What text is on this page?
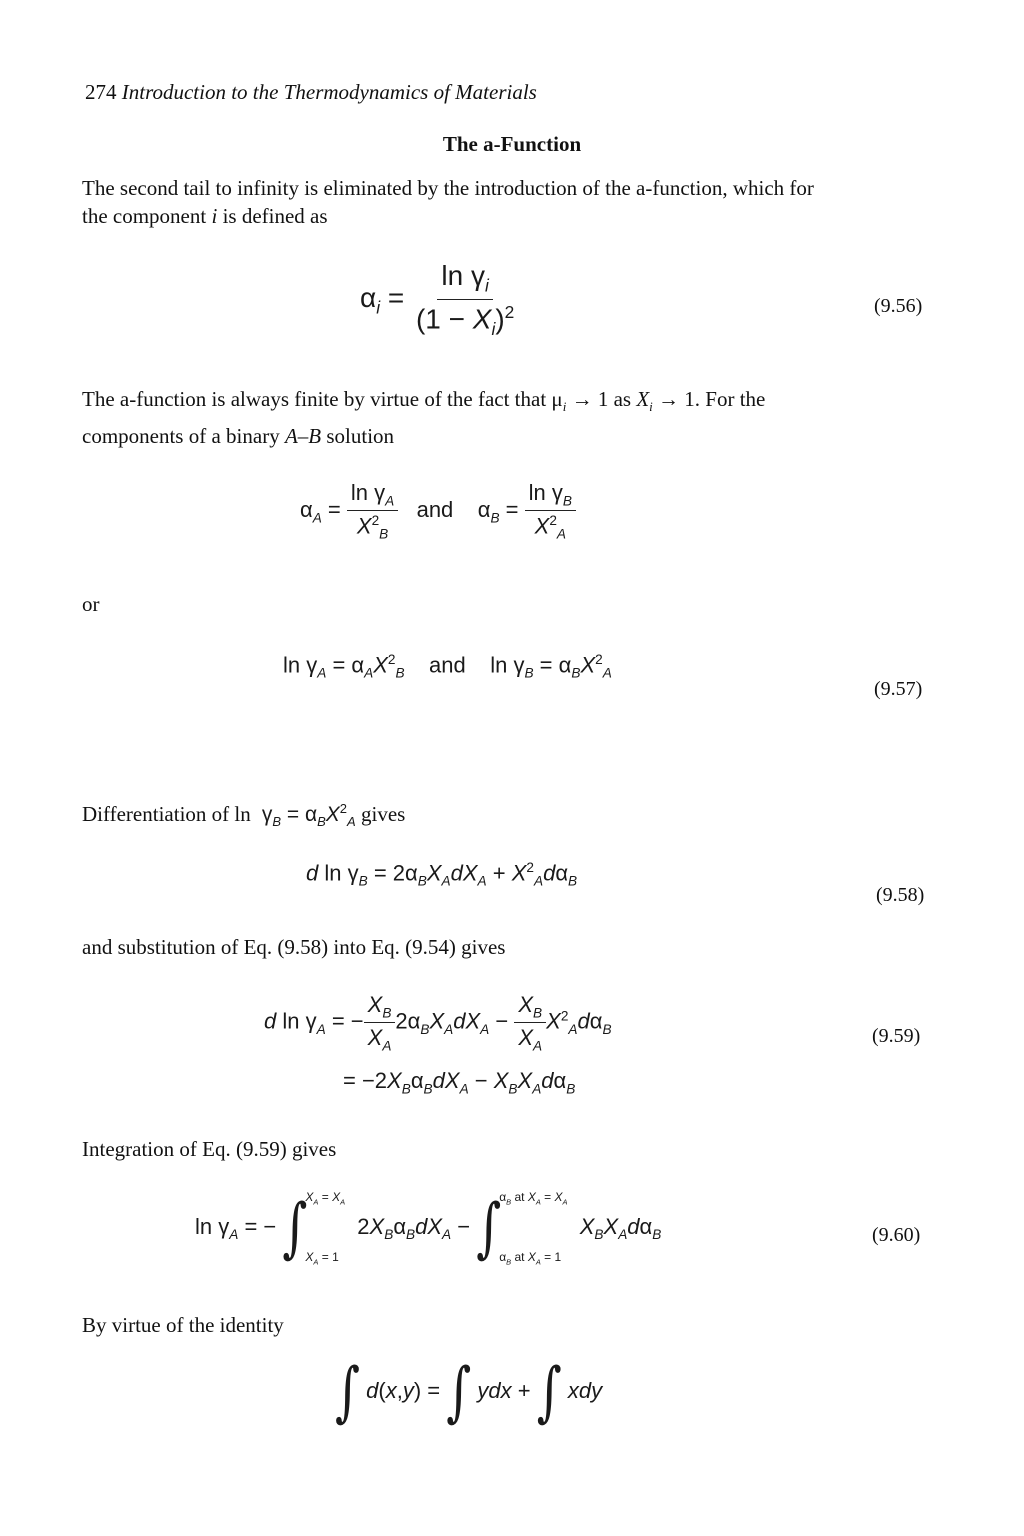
274 Introduction to the Thermodynamics of Materials
The a-Function
The second tail to infinity is eliminated by the introduction of the a-function, which for
the component i is defined as
$\alpha_i = \frac{\ln \gamma_i}{(1 - X_i)^2}$	(9.56)
The a-function is always finite by virtue of the fact that $\mu_i \to 1$ as $X_i \to 1$. For the
components of a binary A–B solution
$\alpha_A = \frac{\ln \gamma_A}{X^2_B}$ and    $\alpha_B = \frac{\ln \gamma_B}{X^2_A}$
or
$\ln \gamma_A = \alpha_AX^2_B$ and    $\ln \gamma_B = \alpha_BX^2_A$
(9.57)
Differentiation of $\ln \gamma_B = \alpha_BX^2_A$ gives
d $\ln \gamma_B = 2\alpha_BX_AdX_A + X^2_Ad\alpha_B$
(9.58)
and substitution of Eq. (9.58) into Eq. (9.54) gives
d $\ln \gamma_A$ = − $\frac{X_B}{X_A} 2\alpha_BX_AdX_A - \frac{X_B}{X_A} X^2_Ad\alpha_B$
= $-2X_B\alpha_BdX_A - X_BX_Ad\alpha_B$
(9.59)
Integration of Eq. (9.59) gives
$\ln \gamma_A$ = − ∫
$X_A = X_A$
$X_A = 1$
$2X_B\alpha_BdX_A$ − ∫
$\alpha_B$ at $X_A = X_A$
$\alpha_B$ at $X_A = 1$
$X_BX_Ad\alpha_B$	(9.60)
By virtue of the identity
∫ d(x,y) = ∫ ydx + ∫ xdy
